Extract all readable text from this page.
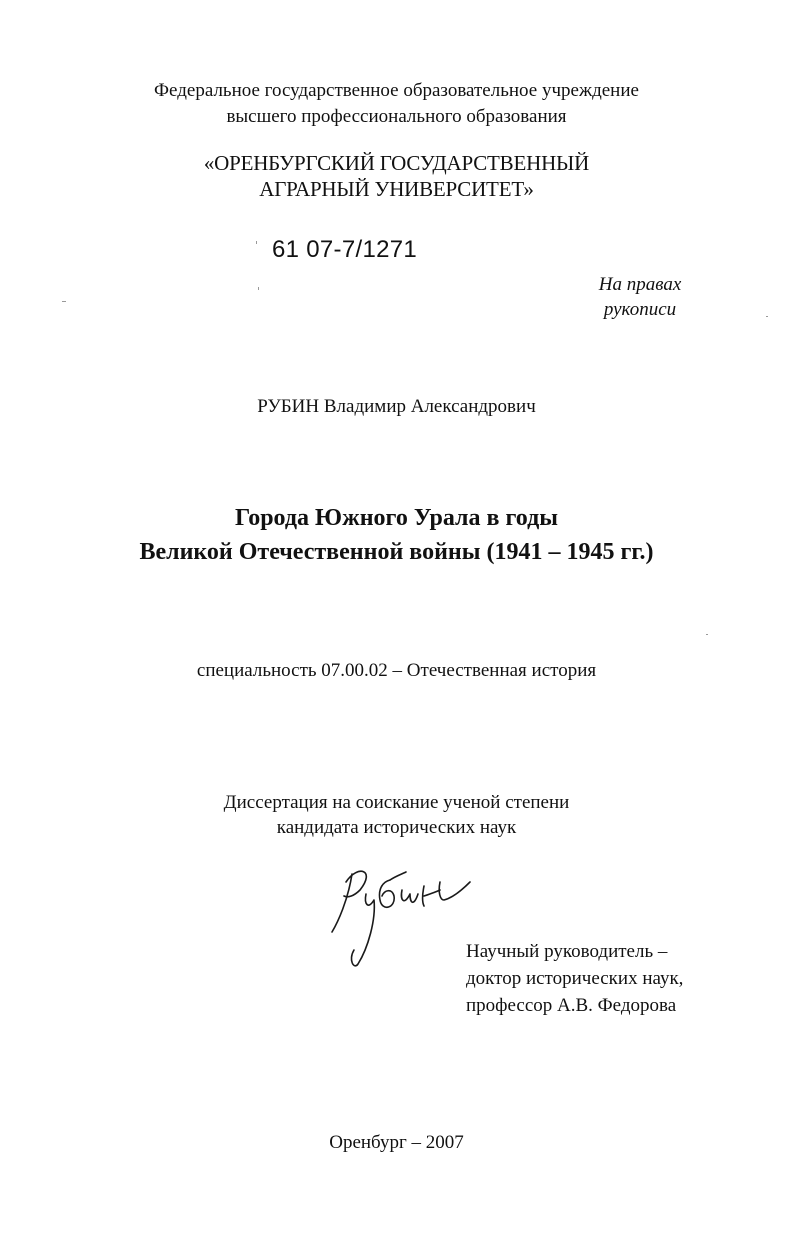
Федеральное государственное образовательное учреждение
высшего профессионального образования
«ОРЕНБУРГСКИЙ ГОСУДАРСТВЕННЫЙ
АГРАРНЫЙ УНИВЕРСИТЕТ»
61 07-7/1271
На правах
рукописи
РУБИН Владимир Александрович
Города Южного Урала в годы
Великой Отечественной войны (1941 – 1945 гг.)
специальность 07.00.02 – Отечественная история
Диссертация на соискание ученой степени
кандидата исторических наук
Научный руководитель –
доктор исторических наук,
профессор А.В. Федорова
Оренбург – 2007
